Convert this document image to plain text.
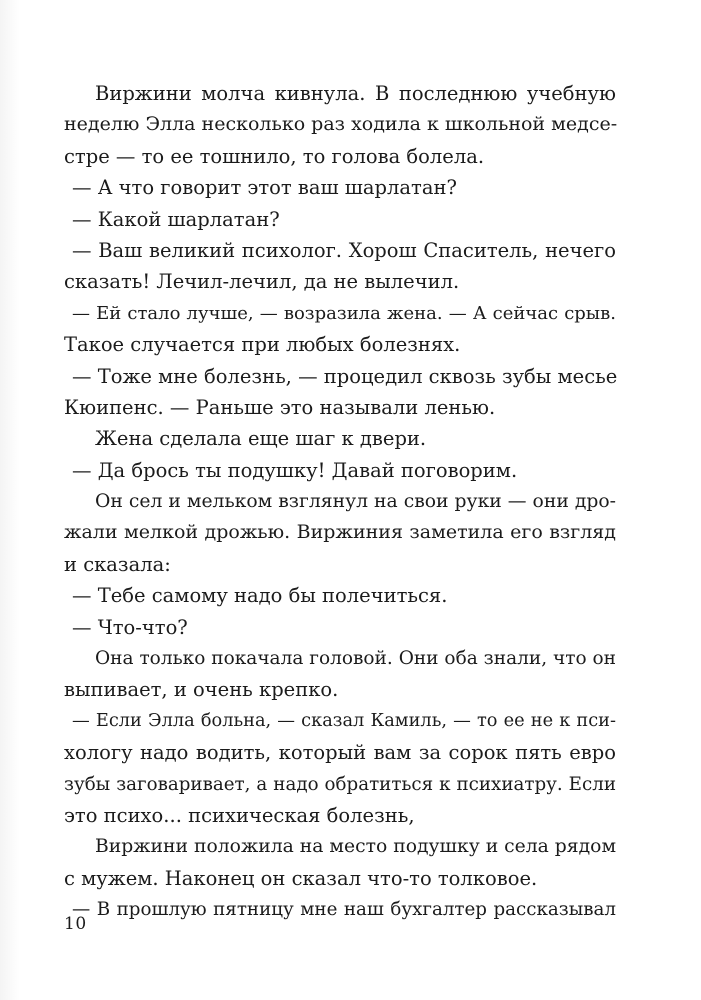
Виржини молча кивнула. В последнюю учебную
неделю Элла несколько раз ходила к школьной медсе-
стре — то ее тошнило, то голова болела.
— А что говорит этот ваш шарлатан?
— Какой шарлатан?
— Ваш великий психолог. Хорош Спаситель, нечего
сказать! Лечил-лечил, да не вылечил.
— Ей стало лучше, — возразила жена. — А сейчас срыв.
Такое случается при любых болезнях.
— Тоже мне болезнь, — процедил сквозь зубы месье
Кюипенс. — Раньше это называли ленью.
Жена сделала еще шаг к двери.
— Да брось ты подушку! Давай поговорим.
Он сел и мельком взглянул на свои руки — они дро-
жали мелкой дрожью. Виржиния заметила его взгляд
и сказала:
— Тебе самому надо бы полечиться.
— Что-что?
Она только покачала головой. Они оба знали, что он
выпивает, и очень крепко.
— Если Элла больна, — сказал Камиль, — то ее не к пси-
хологу надо водить, который вам за сорок пять евро
зубы заговаривает, а надо обратиться к психиатру. Если
это психо... психическая болезнь,
Виржини положила на место подушку и села рядом
с мужем. Наконец он сказал что-то толковое.
— В прошлую пятницу мне наш бухгалтер рассказывал
10
